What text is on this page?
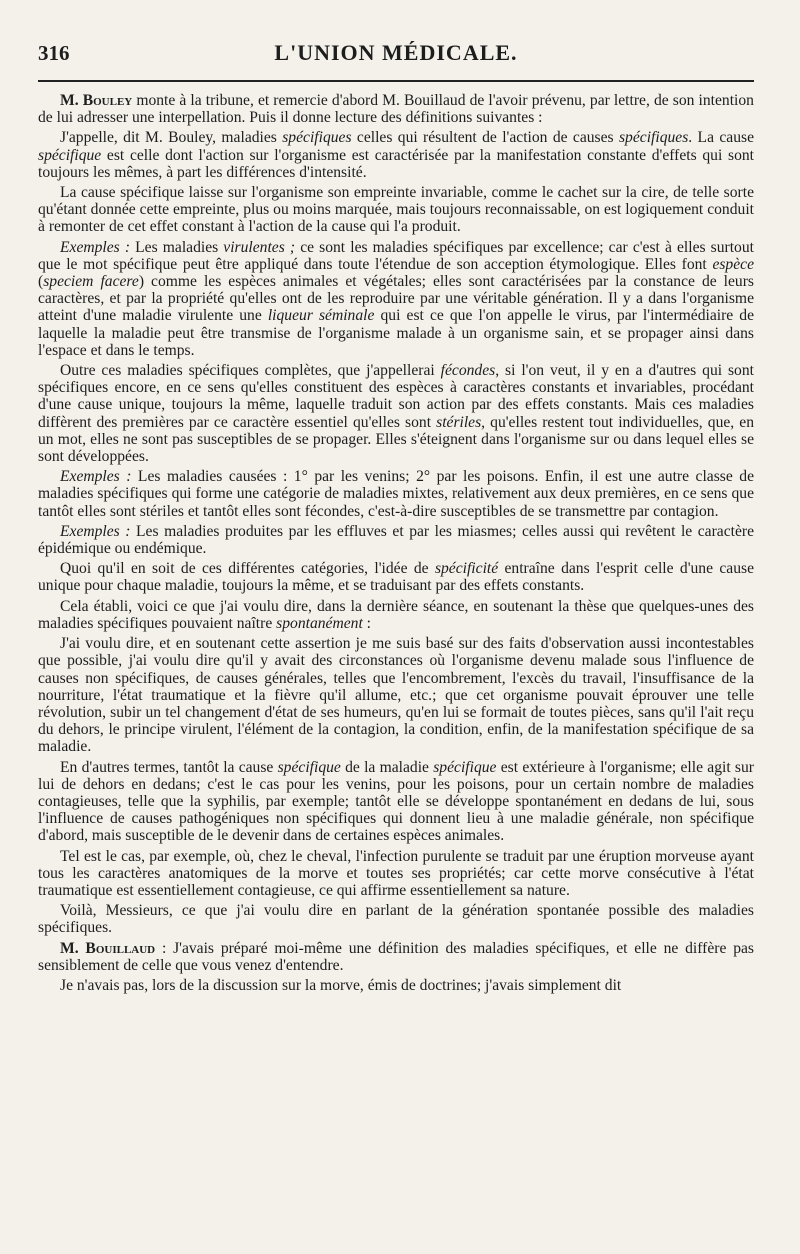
316	L'UNION MÉDICALE.

M. Bouley monte à la tribune, et remercie d'abord M. Bouillaud de l'avoir prévenu, par lettre, de son intention de lui adresser une interpellation. Puis il donne lecture des définitions suivantes :

J'appelle, dit M. Bouley, maladies spécifiques celles qui résultent de l'action de causes spécifiques. La cause spécifique est celle dont l'action sur l'organisme est caractérisée par la manifestation constante d'effets qui sont toujours les mêmes, à part les différences d'intensité.

La cause spécifique laisse sur l'organisme son empreinte invariable, comme le cachet sur la cire, de telle sorte qu'étant donnée cette empreinte, plus ou moins marquée, mais toujours reconnaissable, on est logiquement conduit à remonter de cet effet constant à l'action de la cause qui l'a produit.

Exemples : Les maladies virulentes ; ce sont les maladies spécifiques par excellence; car c'est à elles surtout que le mot spécifique peut être appliqué dans toute l'étendue de son acception étymologique. Elles font espèce (speciem facere) comme les espèces animales et végétales; elles sont caractérisées par la constance de leurs caractères, et par la propriété qu'elles ont de les reproduire par une véritable génération. Il y a dans l'organisme atteint d'une maladie virulente une liqueur séminale qui est ce que l'on appelle le virus, par l'intermédiaire de laquelle la maladie peut être transmise de l'organisme malade à un organisme sain, et se propager ainsi dans l'espace et dans le temps.

Outre ces maladies spécifiques complètes, que j'appellerai fécondes, si l'on veut, il y en a d'autres qui sont spécifiques encore, en ce sens qu'elles constituent des espèces à caractères constants et invariables, procédant d'une cause unique, toujours la même, laquelle traduit son action par des effets constants. Mais ces maladies diffèrent des premières par ce caractère essentiel qu'elles sont stériles, qu'elles restent tout individuelles, que, en un mot, elles ne sont pas susceptibles de se propager. Elles s'éteignent dans l'organisme sur ou dans lequel elles se sont développées.

Exemples : Les maladies causées : 1° par les venins; 2° par les poisons. Enfin, il est une autre classe de maladies spécifiques qui forme une catégorie de maladies mixtes, relativement aux deux premières, en ce sens que tantôt elles sont stériles et tantôt elles sont fécondes, c'est-à-dire susceptibles de se transmettre par contagion.

Exemples : Les maladies produites par les effluves et par les miasmes; celles aussi qui revêtent le caractère épidémique ou endémique.

Quoi qu'il en soit de ces différentes catégories, l'idée de spécificité entraîne dans l'esprit celle d'une cause unique pour chaque maladie, toujours la même, et se traduisant par des effets constants.

Cela établi, voici ce que j'ai voulu dire, dans la dernière séance, en soutenant la thèse que quelques-unes des maladies spécifiques pouvaient naître spontanément :

J'ai voulu dire, et en soutenant cette assertion je me suis basé sur des faits d'observation aussi incontestables que possible, j'ai voulu dire qu'il y avait des circonstances où l'organisme devenu malade sous l'influence de causes non spécifiques, de causes générales, telles que l'encombrement, l'excès du travail, l'insuffisance de la nourriture, l'état traumatique et la fièvre qu'il allume, etc.; que cet organisme pouvait éprouver une telle révolution, subir un tel changement d'état de ses humeurs, qu'en lui se formait de toutes pièces, sans qu'il l'ait reçu du dehors, le principe virulent, l'élément de la contagion, la condition, enfin, de la manifestation spécifique de sa maladie.

En d'autres termes, tantôt la cause spécifique de la maladie spécifique est extérieure à l'organisme; elle agit sur lui de dehors en dedans; c'est le cas pour les venins, pour les poisons, pour un certain nombre de maladies contagieuses, telle que la syphilis, par exemple; tantôt elle se développe spontanément en dedans de lui, sous l'influence de causes pathogéniques non spécifiques qui donnent lieu à une maladie générale, non spécifique d'abord, mais susceptible de le devenir dans de certaines espèces animales.

Tel est le cas, par exemple, où, chez le cheval, l'infection purulente se traduit par une éruption morveuse ayant tous les caractères anatomiques de la morve et toutes ses propriétés; car cette morve consécutive à l'état traumatique est essentiellement contagieuse, ce qui affirme essentiellement sa nature.

Voilà, Messieurs, ce que j'ai voulu dire en parlant de la génération spontanée possible des maladies spécifiques.

M. Bouillaud : J'avais préparé moi-même une définition des maladies spécifiques, et elle ne diffère pas sensiblement de celle que vous venez d'entendre.

Je n'avais pas, lors de la discussion sur la morve, émis de doctrines; j'avais simplement dit
